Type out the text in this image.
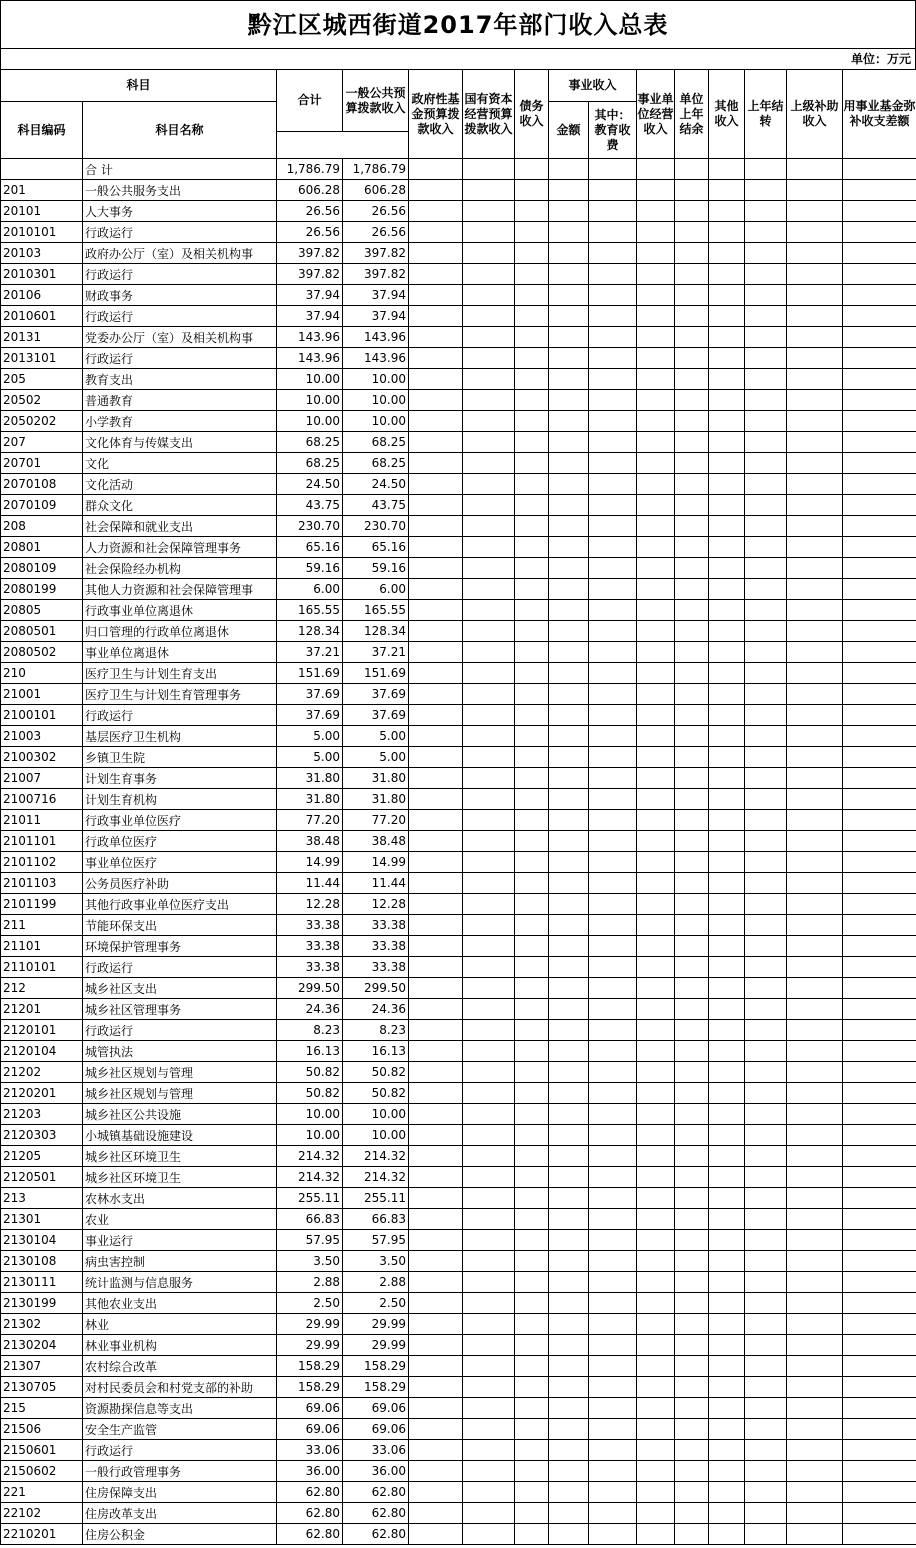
黔江区城西街道2017年部门收入总表
单位：万元
科目		合计	一般公共预算拨款收入	政府性基金预算拨款收入	国有资本经营预算拨款收入	债务收入	事业收入		事业单位经营收入	单位上年结余	其他收入	上年结转	上级补助收入	用事业基金弥补收支差额
科目编码	科目名称						金额	其中：教育收费						

	合 计	1,786.79	1,786.79											
201	一般公共服务支出	606.28	606.28											
20101	人大事务	26.56	26.56											
2010101	行政运行	26.56	26.56											
20103	政府办公厅（室）及相关机构事	397.82	397.82											
2010301	行政运行	397.82	397.82											
20106	财政事务	37.94	37.94											
2010601	行政运行	37.94	37.94											
20131	党委办公厅（室）及相关机构事	143.96	143.96											
2013101	行政运行	143.96	143.96											
205	教育支出	10.00	10.00											
20502	普通教育	10.00	10.00											
2050202	小学教育	10.00	10.00											
207	文化体育与传媒支出	68.25	68.25											
20701	文化	68.25	68.25											
2070108	文化活动	24.50	24.50											
2070109	群众文化	43.75	43.75											
208	社会保障和就业支出	230.70	230.70											
20801	人力资源和社会保障管理事务	65.16	65.16											
2080109	社会保险经办机构	59.16	59.16											
2080199	其他人力资源和社会保障管理事	6.00	6.00											
20805	行政事业单位离退休	165.55	165.55											
2080501	归口管理的行政单位离退休	128.34	128.34											
2080502	事业单位离退休	37.21	37.21											
210	医疗卫生与计划生育支出	151.69	151.69											
21001	医疗卫生与计划生育管理事务	37.69	37.69											
2100101	行政运行	37.69	37.69											
21003	基层医疗卫生机构	5.00	5.00											
2100302	乡镇卫生院	5.00	5.00											
21007	计划生育事务	31.80	31.80											
2100716	计划生育机构	31.80	31.80											
21011	行政事业单位医疗	77.20	77.20											
2101101	行政单位医疗	38.48	38.48											
2101102	事业单位医疗	14.99	14.99											
2101103	公务员医疗补助	11.44	11.44											
2101199	其他行政事业单位医疗支出	12.28	12.28											
211	节能环保支出	33.38	33.38											
21101	环境保护管理事务	33.38	33.38											
2110101	行政运行	33.38	33.38											
212	城乡社区支出	299.50	299.50											
21201	城乡社区管理事务	24.36	24.36											
2120101	行政运行	8.23	8.23											
2120104	城管执法	16.13	16.13											
21202	城乡社区规划与管理	50.82	50.82											
2120201	城乡社区规划与管理	50.82	50.82											
21203	城乡社区公共设施	10.00	10.00											
2120303	小城镇基础设施建设	10.00	10.00											
21205	城乡社区环境卫生	214.32	214.32											
2120501	城乡社区环境卫生	214.32	214.32											
213	农林水支出	255.11	255.11											
21301	农业	66.83	66.83											
2130104	事业运行	57.95	57.95											
2130108	病虫害控制	3.50	3.50											
2130111	统计监测与信息服务	2.88	2.88											
2130199	其他农业支出	2.50	2.50											
21302	林业	29.99	29.99											
2130204	林业事业机构	29.99	29.99											
21307	农村综合改革	158.29	158.29											
2130705	对村民委员会和村党支部的补助	158.29	158.29											
215	资源勘探信息等支出	69.06	69.06											
21506	安全生产监管	69.06	69.06											
2150601	行政运行	33.06	33.06											
2150602	一般行政管理事务	36.00	36.00											
221	住房保障支出	62.80	62.80											
22102	住房改革支出	62.80	62.80											
2210201	住房公积金	62.80	62.80											
